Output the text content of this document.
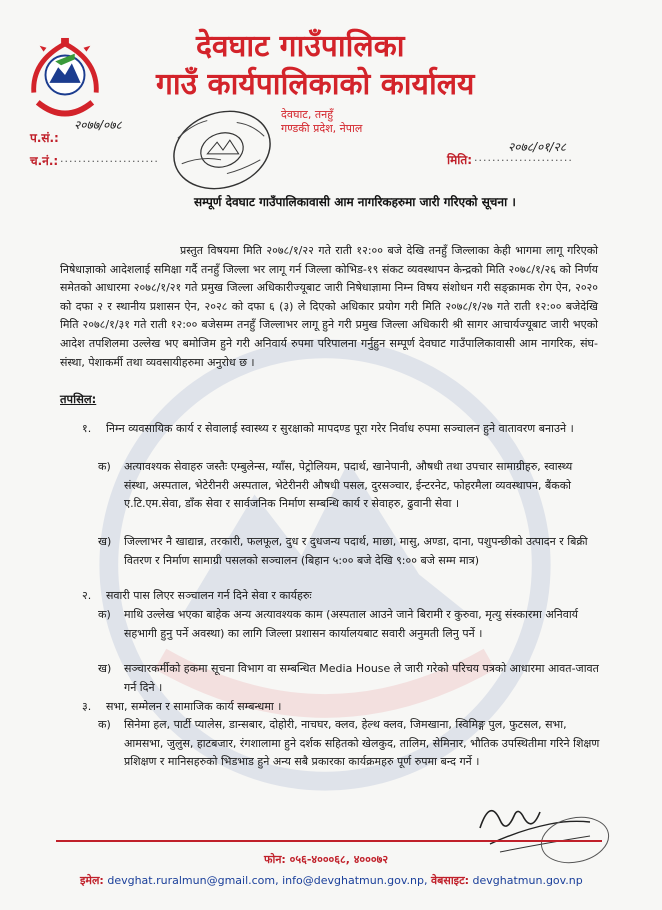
देवघाट गाउँपालिका
गाउँ कार्यपालिकाको कार्यालय
देवघाट, तनहुँ
गण्डकी प्रदेश, नेपाल
२०७७/०७८
प.सं.:
च.नं.: ......................
२०७८/०१/२८
मिति: ......................
सम्पूर्ण देवघाट गाउँपालिकावासी आम नागरिकहरुमा जारी गरिएको सूचना ।
प्रस्तुत विषयमा मिति २०७८/१/२२ गते राती १२:०० बजे देखि तनहुँ जिल्लाका केही भागमा लागू गरिएको निषेधाज्ञाको आदेशलाई समिक्षा गर्दै तनहुँ जिल्ला भर लागू गर्न जिल्ला कोभिड-१९ संकट व्यवस्थापन केन्द्रको मिति २०७८/१/२६ को निर्णय समेतको आधारमा २०७८/१/२१ गते प्रमुख जिल्ला अधिकारीज्यूबाट जारी निषेधाज्ञामा निम्न विषय संशोधन गरी सङ्क्रामक रोग ऐन, २०२० को दफा २ र स्थानीय प्रशासन ऐन, २०२८ को दफा ६ (३) ले दिएको अधिकार प्रयोग गरी मिति २०७८/१/२७ गते राती १२:०० बजेदेखि मिति २०७८/१/३१ गते राती १२:०० बजेसम्म तनहुँ जिल्लाभर लागू हुने गरी प्रमुख जिल्ला अधिकारी श्री सागर आचार्यज्यूबाट जारी भएको आदेश तपशिलमा उल्लेख भए बमोजिम हुने गरी अनिवार्य रुपमा परिपालना गर्नुहुन सम्पूर्ण देवघाट गाउँपालिकावासी आम नागरिक, संघ-संस्था, पेशाकर्मी तथा व्यवसायीहरुमा अनुरोध छ ।
तपसिल:
१. निम्न व्यवसायिक कार्य र सेवालाई स्वास्थ्य र सुरक्षाको मापदण्ड पूरा गरेर निर्वाध रुपमा सञ्चालन हुने वातावरण बनाउने ।
क) अत्यावश्यक सेवाहरु जस्तैः एम्बुलेन्स, ग्याँस, पेट्रोलियम, पदार्थ, खानेपानी, औषधी तथा उपचार सामाग्रीहरु, स्वास्थ्य संस्था, अस्पताल, भेटेरीनरी अस्पताल, भेटेरीनरी औषधी पसल, दुरसञ्चार, ईन्टरनेट, फोहरमैला व्यवस्थापन, बैंकको ए.टि.एम.सेवा, डाँक सेवा र सार्वजनिक निर्माण सम्बन्धि कार्य र सेवाहरु, ढुवानी सेवा ।
ख) जिल्लाभर नै खाद्यान्न, तरकारी, फलफूल, दुध र दुधजन्य पदार्थ, माछा, मासु, अण्डा, दाना, पशुपन्छीको उत्पादन र बिक्री वितरण र निर्माण सामाग्री पसलको सञ्चालन (बिहान ५:०० बजे देखि ९:०० बजे सम्म मात्र)
२. सवारी पास लिएर सञ्चालन गर्न दिने सेवा र कार्यहरुः
क) माथि उल्लेख भएका बाहेक अन्य अत्यावश्यक काम (अस्पताल आउने जाने बिरामी र कुरुवा, मृत्यु संस्कारमा अनिवार्य सहभागी हुनु पर्ने अवस्था) का लागि जिल्ला प्रशासन कार्यालयबाट सवारी अनुमती लिनु पर्ने ।
ख) सञ्चारकर्मीको हकमा सूचना विभाग वा सम्बन्धित Media House ले जारी गरेको परिचय पत्रको आधारमा आवत-जावत गर्न दिने ।
३. सभा, सम्मेलन र सामाजिक कार्य सम्बन्धमा ।
क) सिनेमा हल, पार्टी प्यालेस, डान्सबार, दोहोरी, नाचघर, क्लव, हेल्थ क्लव, जिमखाना, स्विमिङ्ग पुल, फुटसल, सभा, आमसभा, जुलुस, हाटबजार, रंगशालामा हुने दर्शक सहितको खेलकुद, तालिम, सेमिनार, भौतिक उपस्थितीमा गरिने शिक्षण प्रशिक्षण र मानिसहरुको भिडभाड हुने अन्य सबै प्रकारका कार्यक्रमहरु पूर्ण रुपमा बन्द गर्ने ।
फोन: ०५६-४०००६८, ४०००७२
इमेल: devghat.ruralmun@gmail.com, info@devghatmun.gov.np, वेबसाइट: devghatmun.gov.np
